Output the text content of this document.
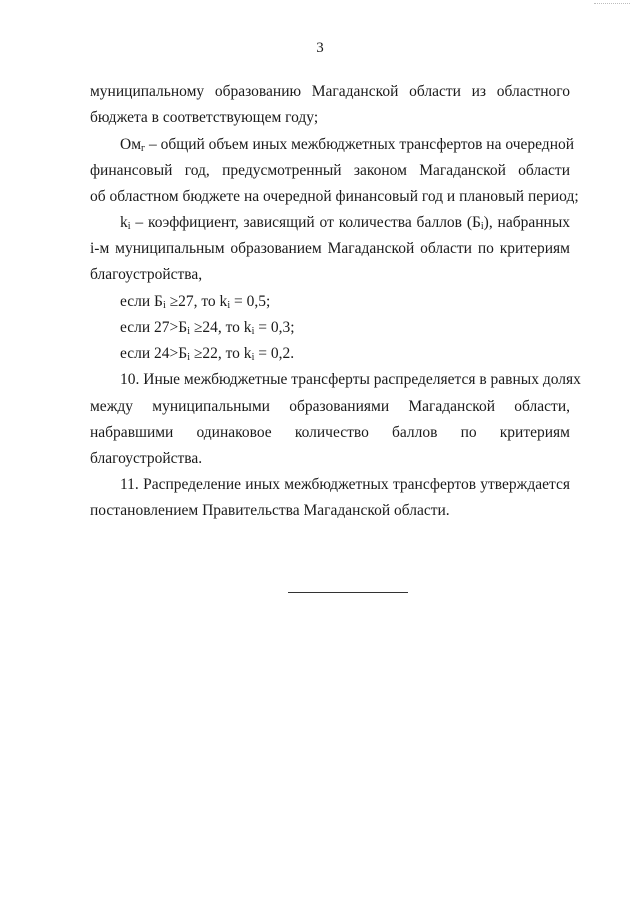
3
муниципальному образованию Магаданской области из областного
бюджета в соответствующем году;
$Ом_г$ – общий объем иных межбюджетных трансфертов на очередной
финансовый год, предусмотренный законом Магаданской области
об областном бюджете на очередной финансовый год и плановый период;
$k_i$ – коэффициент, зависящий от количества баллов $(Б_i)$, набранных
i-м муниципальным образованием Магаданской области по критериям
благоустройства,
если $Б_i \ge 27$, то $k_i = 0,5$;
если $27>Б_i \ge 24$, то $k_i = 0,3$;
если $24>Б_i \ge 22$, то $k_i = 0,2$.
10. Иные межбюджетные трансферты распределяется в равных долях
между муниципальными образованиями Магаданской области,
набравшими одинаковое количество баллов по критериям
благоустройства.
11. Распределение иных межбюджетных трансфертов утверждается
постановлением Правительства Магаданской области.
